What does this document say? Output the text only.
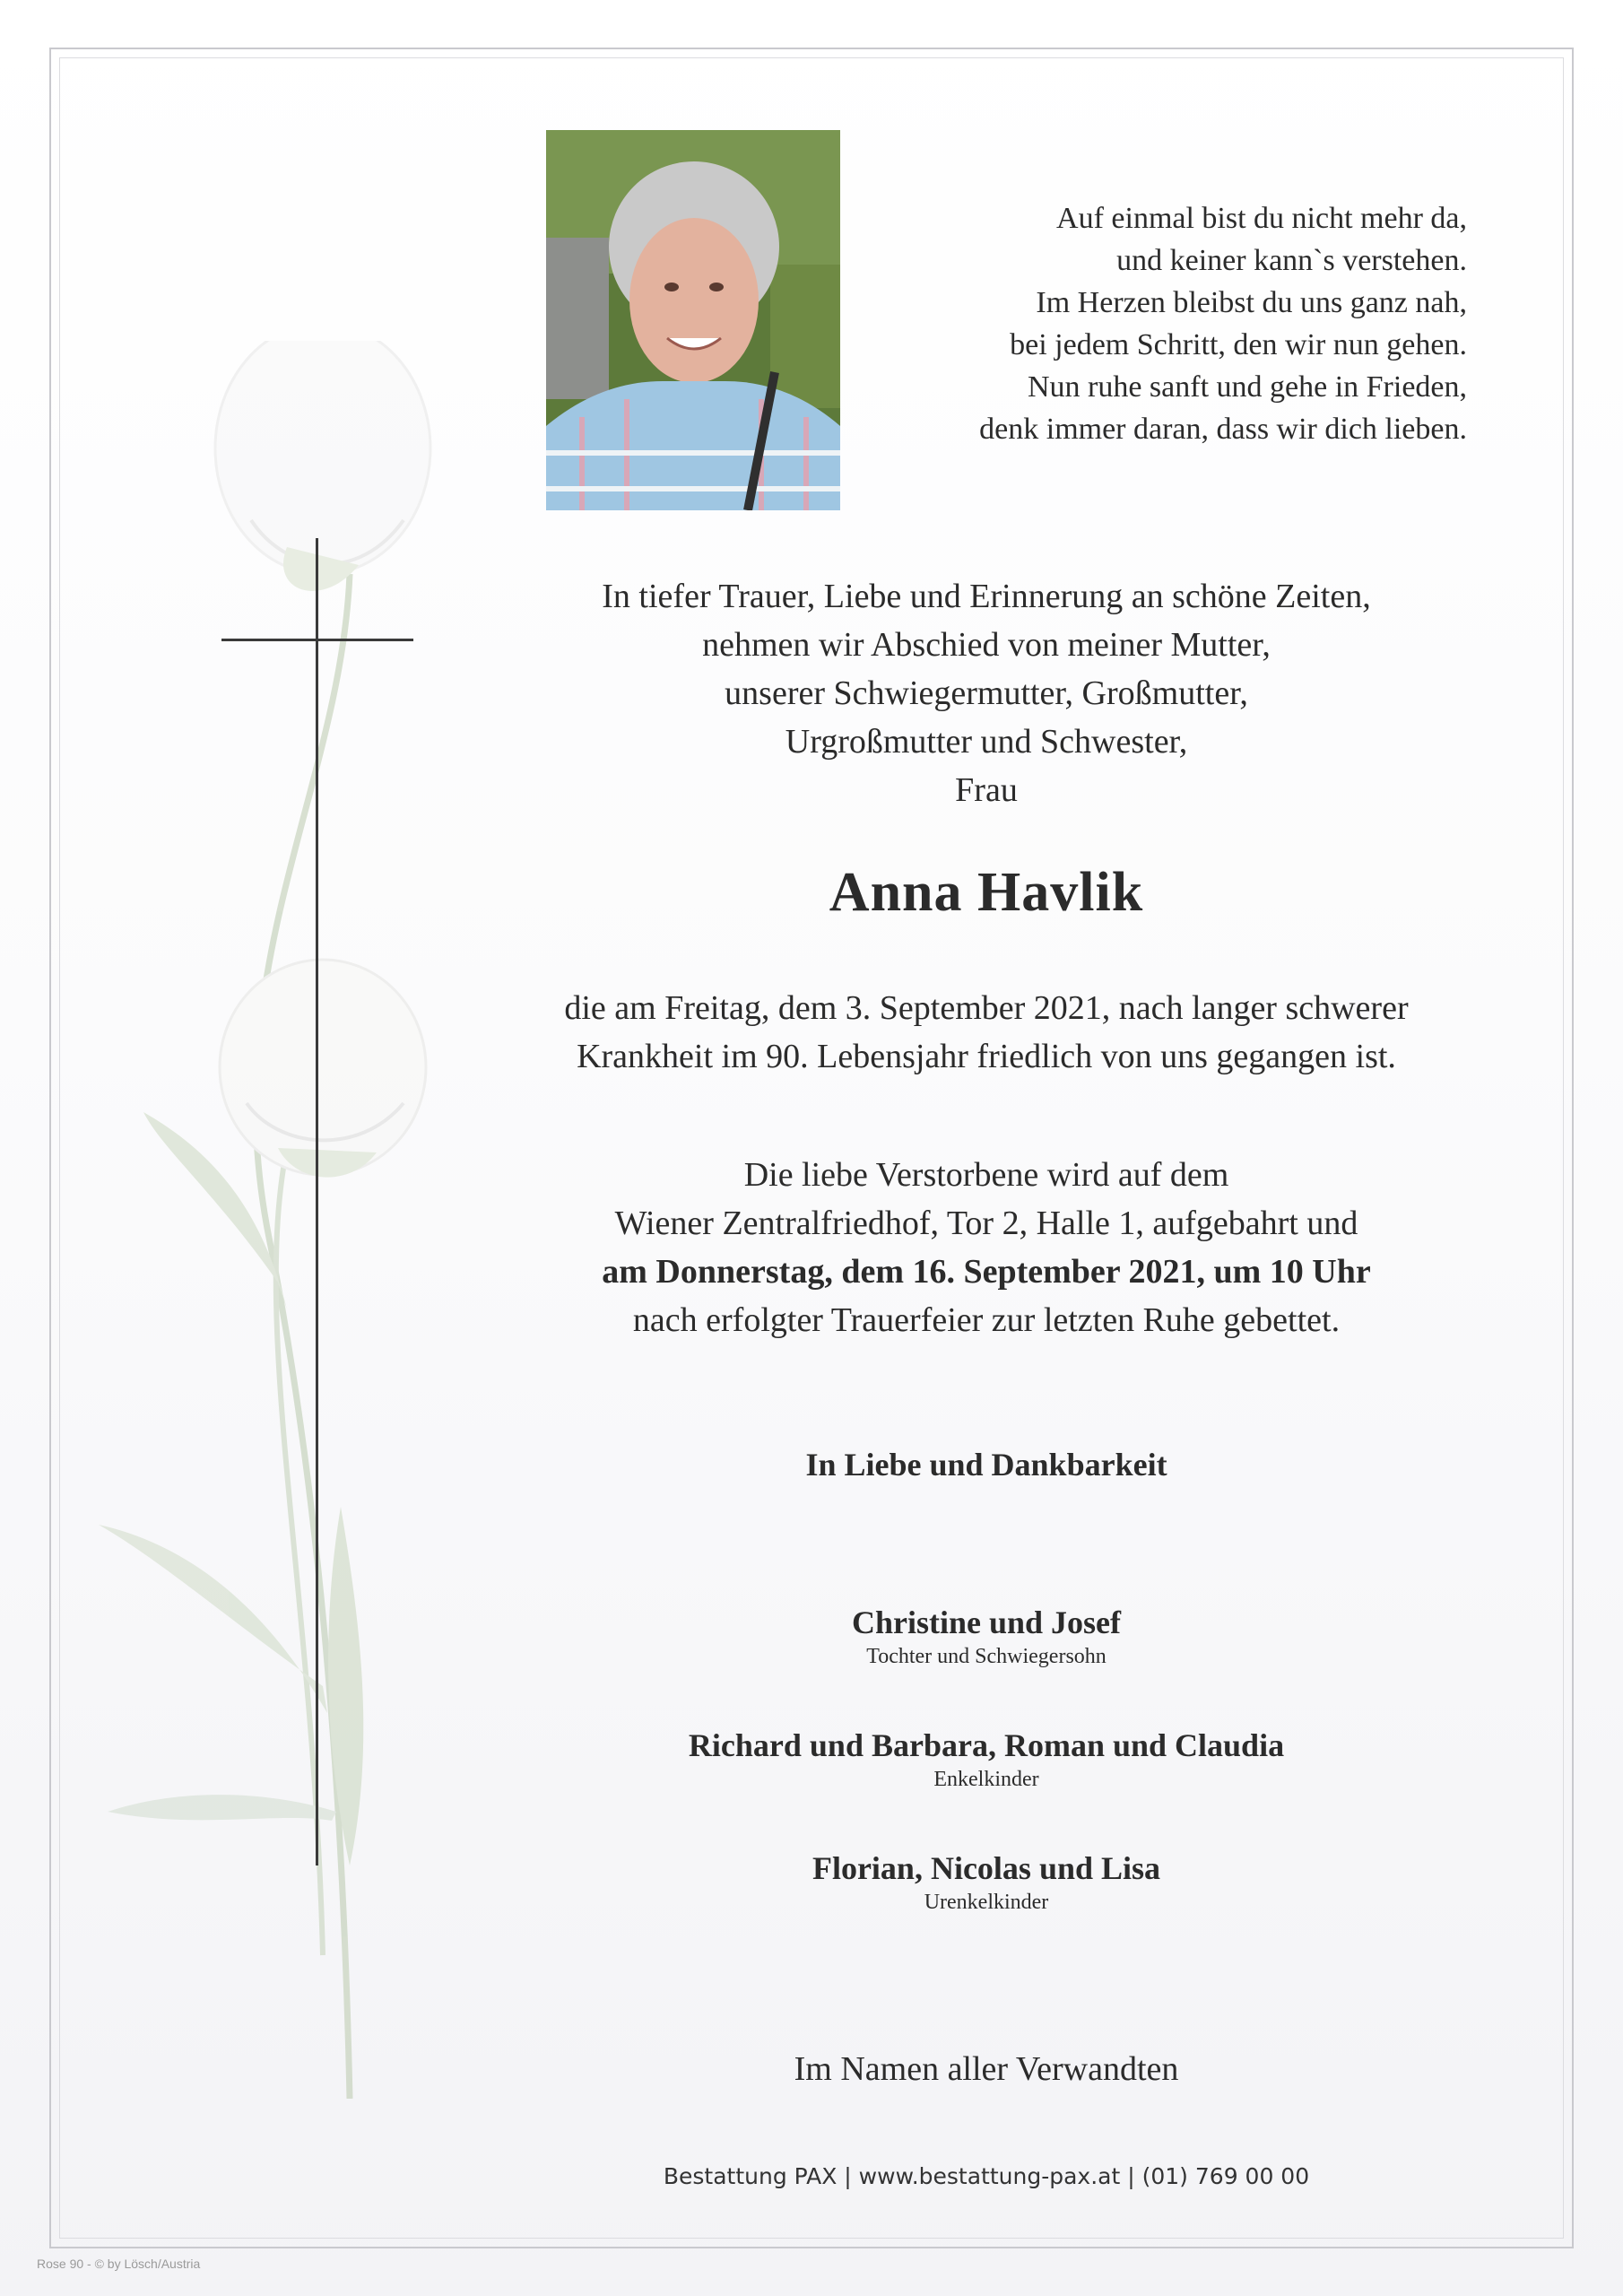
Auf einmal bist du nicht mehr da,
und keiner kann`s verstehen.
Im Herzen bleibst du uns ganz nah,
bei jedem Schritt, den wir nun gehen.
Nun ruhe sanft und gehe in Frieden,
denk immer daran, dass wir dich lieben.
In tiefer Trauer, Liebe und Erinnerung an schöne Zeiten,
nehmen wir Abschied von meiner Mutter,
unserer Schwiegermutter, Großmutter,
Urgroßmutter und Schwester,
Frau
Anna Havlik
die am Freitag, dem 3. September 2021, nach langer schwerer
Krankheit im 90. Lebensjahr friedlich von uns gegangen ist.
Die liebe Verstorbene wird auf dem
Wiener Zentralfriedhof, Tor 2, Halle 1, aufgebahrt und
am Donnerstag, dem 16. September 2021, um 10 Uhr
nach erfolgter Trauerfeier zur letzten Ruhe gebettet.
In Liebe und Dankbarkeit
Christine und Josef
Tochter und Schwiegersohn
Richard und Barbara, Roman und Claudia
Enkelkinder
Florian, Nicolas und Lisa
Urenkelkinder
Im Namen aller Verwandten
Bestattung PAX | www.bestattung-pax.at | (01) 769 00 00
Rose 90 - © by Lösch/Austria
